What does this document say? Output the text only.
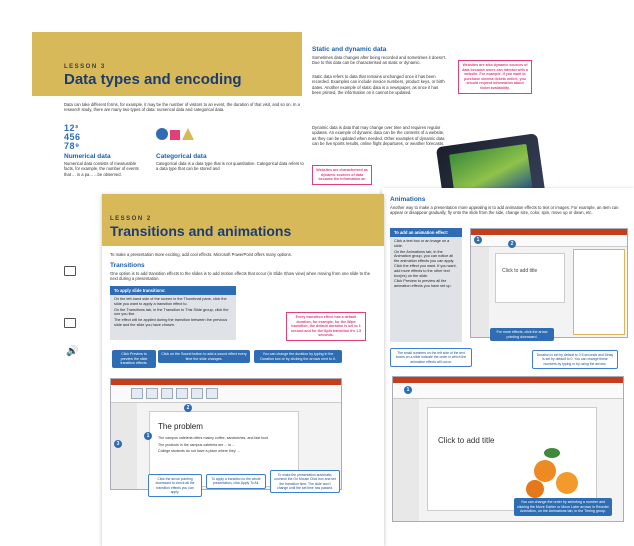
LESSON 3
Data types and encoding
Data can take different forms, for example, it may be the number of visitors to an event, the duration of that visit, and so on. In a research study, there are many two types of data: numerical data and categorical data.
1 2 ³
4 5 6
7 8 ⁹
Numerical data
Numerical data consists of measurable facts, for example, the number of events that ... in a pa... ...be observed.
Categorical data
Categorical data is a data type that is not quantitative. Categorical data refers to a data type that can be stored and
Static and dynamic data
Sometimes data changes after being recorded and sometimes it doesn't. Due to this data can be characterised as static or dynamic.
Static data refers to data that remains unchanged once it has been recorded. Examples can include invoice numbers, product keys, or birth dates. Another example of static data is a newspaper, as once it has been printed, the information on it cannot be updated.
Dynamic data is data that may change over time and requires regular updates. An example of dynamic data can be the contents of a website, as they can be updated when needed. Other examples of dynamic data can be live sports results, online flight departures, or weather forecasts.
Websites are also dynamic sources of data because users can interact with a website. For example, if you want to purchase cinema tickets online, you should request information about ticket availability.
Websites are characterised as dynamic sources of data because the information on
Animations
Another way to make a presentation more appealing is to add animation effects to text or images. For example, an item can appear or disappear gradually, fly onto the slide from the side, change size, color, spin, move up or down, etc.
To add an animation effect:
Click a text box or an image on a slide.
On the Animations tab, in the Animation group, you can notice all the animation effects you can apply. Click the effect you want. If you want, add more effects to the other text box(es) on the slide.
Click Preview to preview all the animation effects you have set up.
Click to add title
1
2
For more effects, click the arrow pointing downward.
The small numbers on the left side of the text boxes on a slide indicate the order in which the animation effects will occur.
Duration is set by default to 0.5 seconds and Delay is set by default to 0. You can change these numbers by typing or by using the arrows.
Click to add title
1
You can change the order by selecting a number and clicking the Move Earlier or Move Later arrows in Reorder Animation, on the Animations tab, in the Timing group.
LESSON 2
Transitions and animations
To make a presentation more exciting, add cool effects. Microsoft PowerPoint offers many options.
Transitions
One option is to add transition effects to the slides is to add motion effects that occur (in Slide Show view) when moving from one slide to the next during a presentation.
To apply slide transitions:
On the left-hand side of the screen in the Thumbnail pane, click the slide you want to apply a transition effect to.
On the Transitions tab, in the Transition to This Slide group, click the one you like.
The effect will be applied during the transition between the previous slide and the slide you have chosen.
Every transition effect has a default duration, for example, for the Wipe transition, the default duration is set to 1 second and for the Split transition it's 1.5 seconds.
Click Preview to preview the slide transition effects.
Click on the Sound button to add a sound effect every time the slide changes.
You can change the duration by typing in the Duration box or by clicking the arrows next to it.
The problem
The campus cafeteria offers mainly coffee, sandwiches, and fast food
The products in the campus cafeteria are ... to ...
College students do not have a place where they ...
1
2
3
Click the arrow pointing downward to check all the transition effects you can apply.
To apply a transition to the whole presentation, click Apply To All.
To make the presentation automatic, uncheck the On Mouse Click box and set the transition time. The slide won't change until the set time has passed.
🔊
